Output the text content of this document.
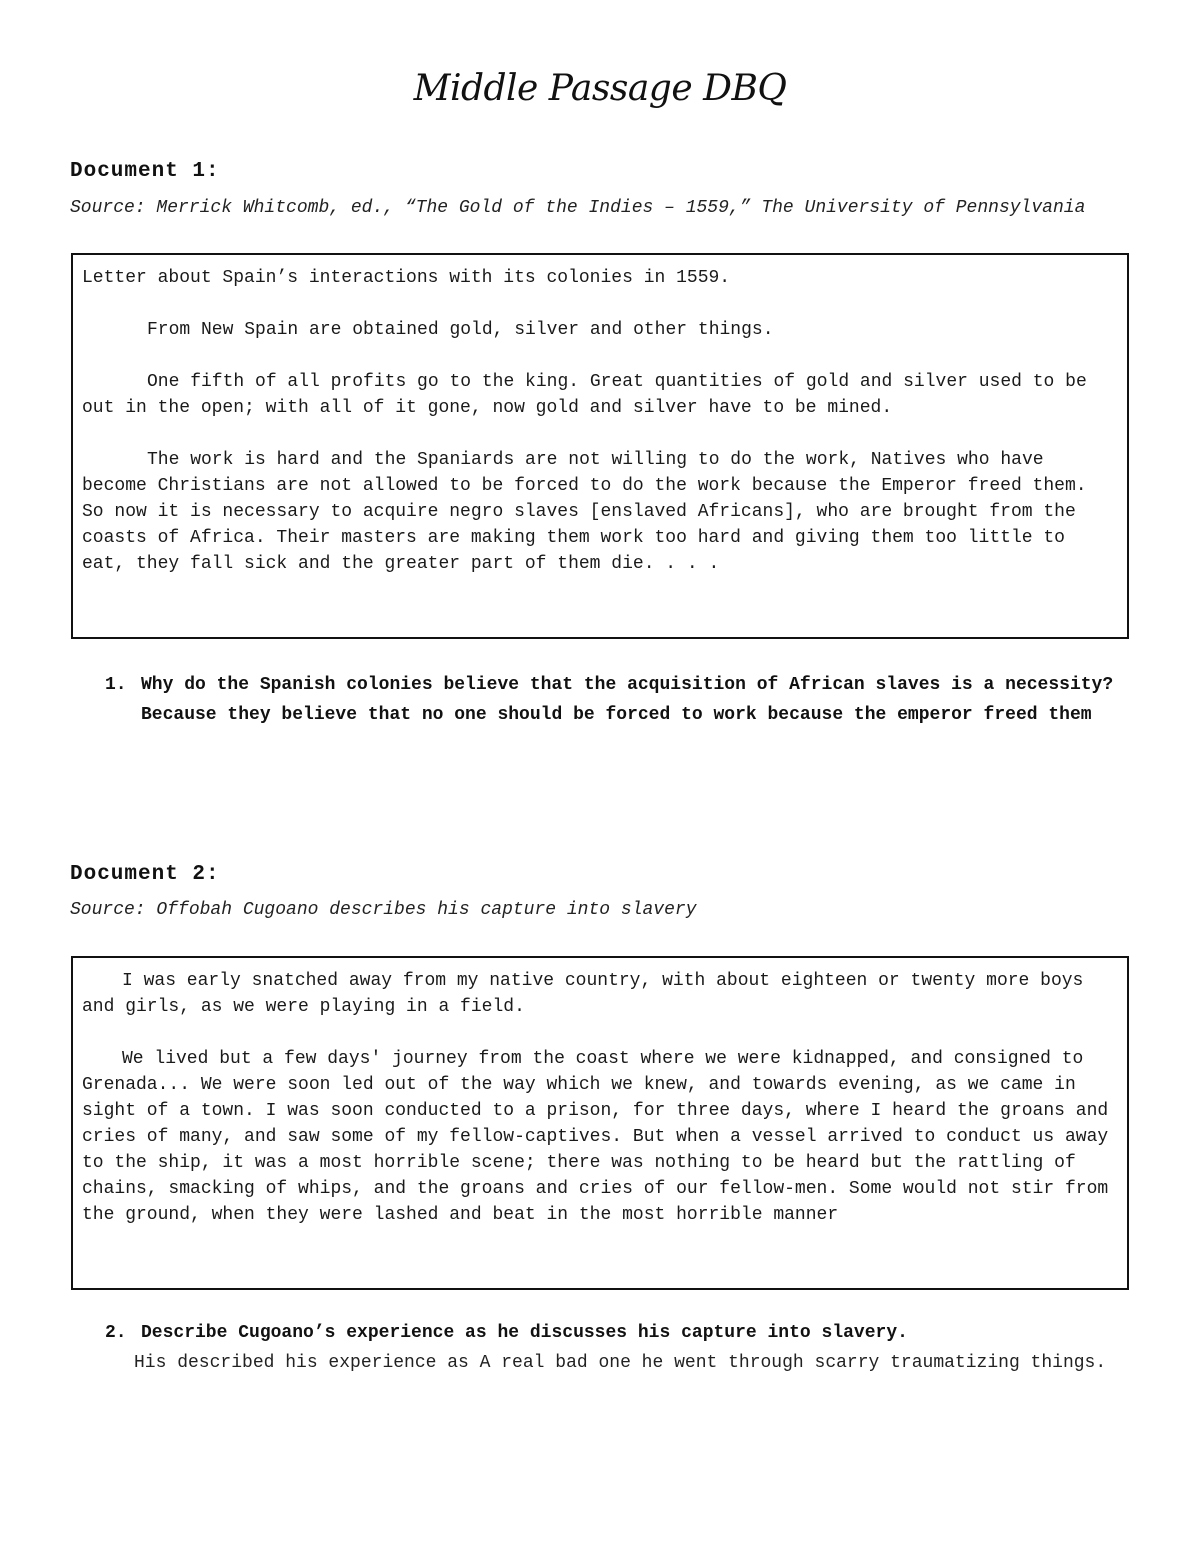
Middle Passage DBQ
Document 1:
Source: Merrick Whitcomb, ed., “The Gold of the Indies – 1559,” The University of Pennsylvania

Letter about Spain’s interactions with its colonies in 1559.

From New Spain are obtained gold, silver and other things.

One fifth of all profits go to the king. Great quantities of gold and silver used to be out in the open; with all of it gone, now gold and silver have to be mined.

The work is hard and the Spaniards are not willing to do the work, Natives who have become Christians are not allowed to be forced to do the work because the Emperor freed them. So now it is necessary to acquire negro slaves [enslaved Africans], who are brought from the coasts of Africa. Their masters are making them work too hard and giving them too little to eat, they fall sick and the greater part of them die. . . .

1. Why do the Spanish colonies believe that the acquisition of African slaves is a necessity? Because they believe that no one should be forced to work because the emperor freed them
Document 2:
Source: Offobah Cugoano describes his capture into slavery

I was early snatched away from my native country, with about eighteen or twenty more boys and girls, as we were playing in a field.

We lived but a few days' journey from the coast where we were kidnapped, and consigned to Grenada... We were soon led out of the way which we knew, and towards evening, as we came in sight of a town. I was soon conducted to a prison, for three days, where I heard the groans and cries of many, and saw some of my fellow-captives. But when a vessel arrived to conduct us away to the ship, it was a most horrible scene; there was nothing to be heard but the rattling of chains, smacking of whips, and the groans and cries of our fellow-men. Some would not stir from the ground, when they were lashed and beat in the most horrible manner

2. Describe Cugoano’s experience as he discusses his capture into slavery.
His described his experience as A real bad one he went through scarry traumatizing things.
